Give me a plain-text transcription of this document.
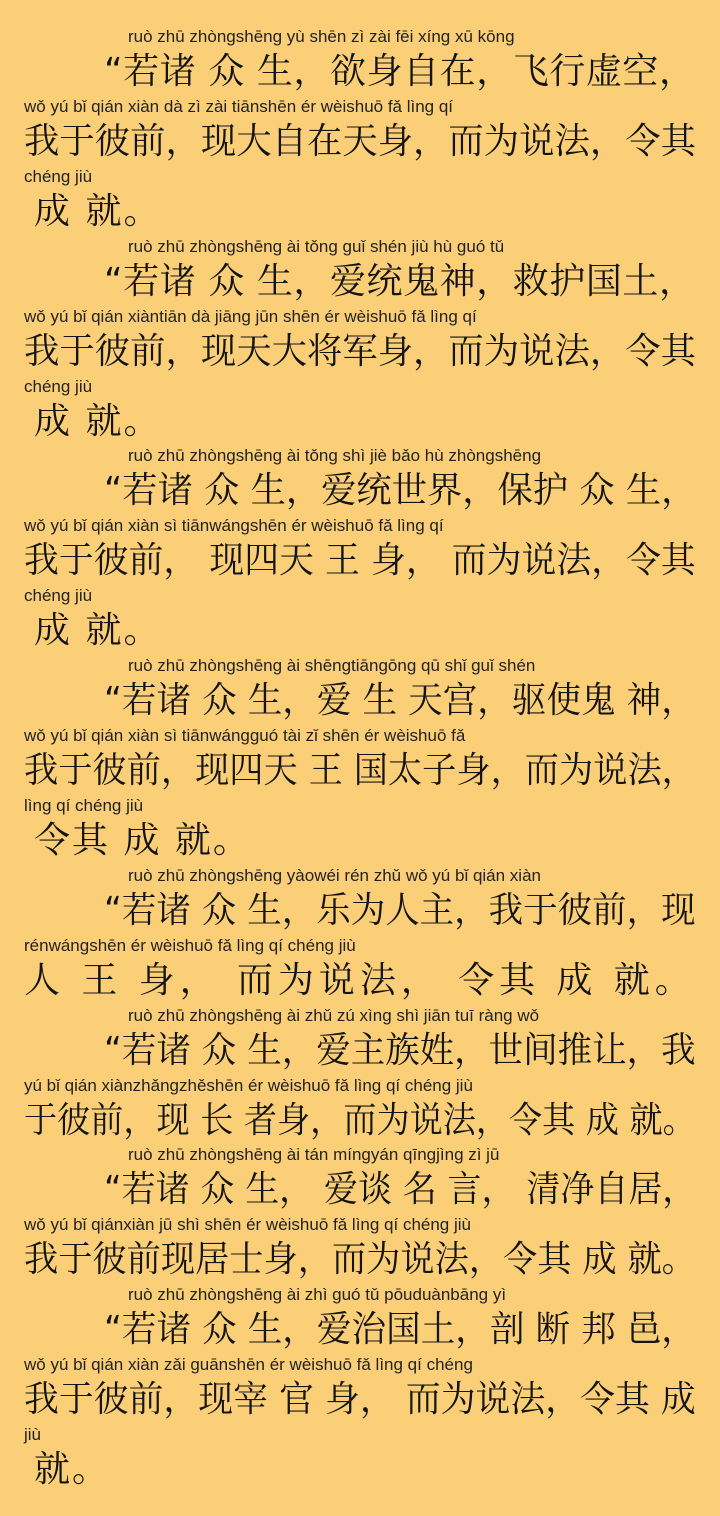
ruò zhū zhòngshēng yù shēn zì zài fēi xíng xū kōng
“若诸 众 生，欲身自在，飞行虚空，
wǒ yú bǐ qián xiàn dà zì zài tiānshēn ér wèishuō fǎ lìng qí
我于彼前，现大自在天身，而为说法，令其
chéng jiù
成 就。
ruò zhū zhòngshēng ài tǒng guǐ shén jiù hù guó tǔ
“若诸 众 生，爱统鬼神，救护国土，
wǒ yú bǐ qián xiàntiān dà jiāng jūn shēn ér wèishuō fǎ lìng qí
我于彼前，现天大将军身，而为说法，令其
chéng jiù
成 就。
ruò zhū zhòngshēng ài tǒng shì jiè bǎo hù zhòngshēng
“若诸 众 生，爱统世界，保护 众 生，
wǒ yú bǐ qián xiàn sì tiānwángshēn ér wèishuō fǎ lìng qí
我于彼前， 现四天 王 身， 而为说法，令其
chéng jiù
成 就。
ruò zhū zhòngshēng ài shēngtiāngōng qū shǐ guǐ shén
“若诸 众 生，爱 生 天宫，驱使鬼 神，
wǒ yú bǐ qián xiàn sì tiānwángguó tài zǐ shēn ér wèishuō fǎ
我于彼前，现四天 王 国太子身，而为说法，
lìng qí chéng jiù
令其 成 就。
ruò zhū zhòngshēng yàowéi rén zhǔ wǒ yú bǐ qián xiàn
“若诸 众 生，乐为人主，我于彼前，现
rénwángshēn ér wèishuō fǎ lìng qí chéng jiù
人 王 身， 而为说法， 令其 成 就。
ruò zhū zhòngshēng ài zhǔ zú xìng shì jiān tuī ràng wǒ
“若诸 众 生，爱主族姓，世间推让，我
yú bǐ qián xiànzhǎngzhěshēn ér wèishuō fǎ lìng qí chéng jiù
于彼前，现 长 者身，而为说法，令其 成 就。
ruò zhū zhòngshēng ài tán míngyán qīngjìng zì jū
“若诸 众 生， 爱谈 名 言， 清净自居，
wǒ yú bǐ qiánxiàn jū shì shēn ér wèishuō fǎ lìng qí chéng jiù
我于彼前现居士身，而为说法，令其 成 就。
ruò zhū zhòngshēng ài zhì guó tǔ pōuduànbāng yì
“若诸 众 生，爱治国土，剖 断 邦 邑，
wǒ yú bǐ qián xiàn zǎi guānshēn ér wèishuō fǎ lìng qí chéng
我于彼前，现宰 官 身， 而为说法，令其 成
jiù
就。
